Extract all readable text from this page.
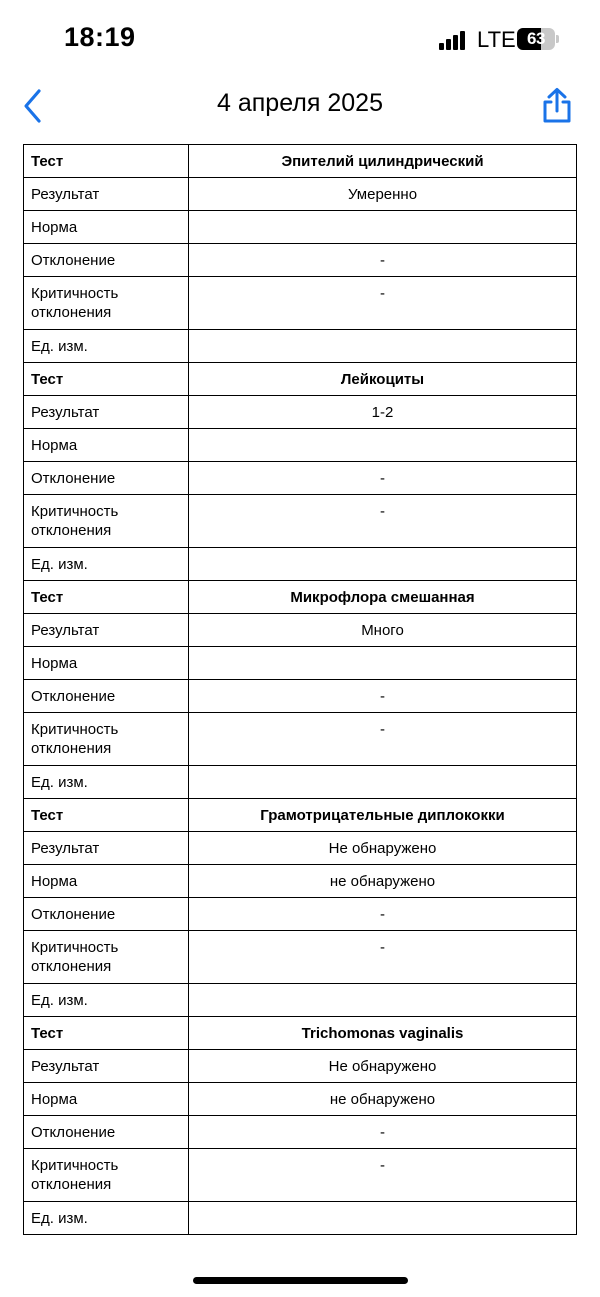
18:19	LTE 63
4 апреля 2025
Тест	Эпителий цилиндрический
Результат	Умеренно
Норма	
Отклонение	-
Критичность отклонения	-
Ед. изм.	
Тест	Лейкоциты
Результат	1-2
Норма	
Отклонение	-
Критичность отклонения	-
Ед. изм.	
Тест	Микрофлора смешанная
Результат	Много
Норма	
Отклонение	-
Критичность отклонения	-
Ед. изм.	
Тест	Грамотрицательные диплококки
Результат	Не обнаружено
Норма	не обнаружено
Отклонение	-
Критичность отклонения	-
Ед. изм.	
Тест	Trichomonas vaginalis
Результат	Не обнаружено
Норма	не обнаружено
Отклонение	-
Критичность отклонения	-
Ед. изм.	
